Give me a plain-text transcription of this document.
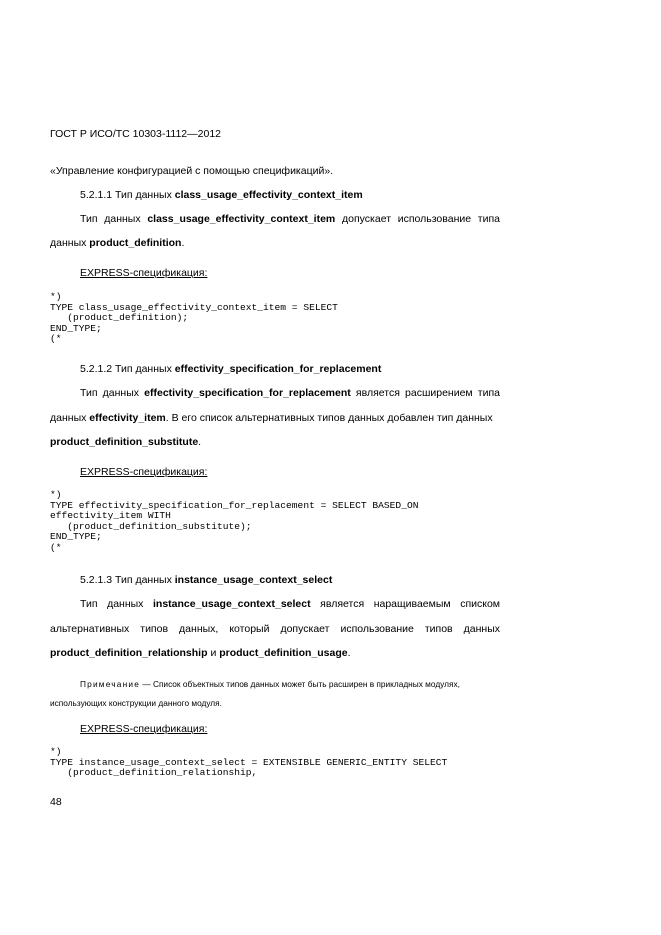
ГОСТ Р ИСО/ТС 10303-1112—2012
«Управление конфигурацией с помощью спецификаций».
5.2.1.1 Тип данных class_usage_effectivity_context_item
Тип данных class_usage_effectivity_context_item допускает использование типа
данных product_definition.
EXPRESS-спецификация:
*)
TYPE class_usage_effectivity_context_item = SELECT
(product_definition);
END_TYPE;
(*
5.2.1.2 Тип данных effectivity_specification_for_replacement
Тип данных effectivity_specification_for_replacement является расширением типа
данных effectivity_item. В его список альтернативных типов данных добавлен тип данных
product_definition_substitute.
EXPRESS-спецификация:
*)
TYPE effectivity_specification_for_replacement = SELECT BASED_ON
effectivity_item WITH
(product_definition_substitute);
END_TYPE;
(*
5.2.1.3 Тип данных instance_usage_context_select
Тип данных instance_usage_context_select является наращиваемым списком
альтернативных типов данных, который допускает использование типов данных
product_definition_relationship и product_definition_usage.
Примечание — Список объектных типов данных может быть расширен в прикладных модулях,
использующих конструкции данного модуля.
EXPRESS-спецификация:
*)
TYPE instance_usage_context_select = EXTENSIBLE GENERIC_ENTITY SELECT
(product_definition_relationship,
48
